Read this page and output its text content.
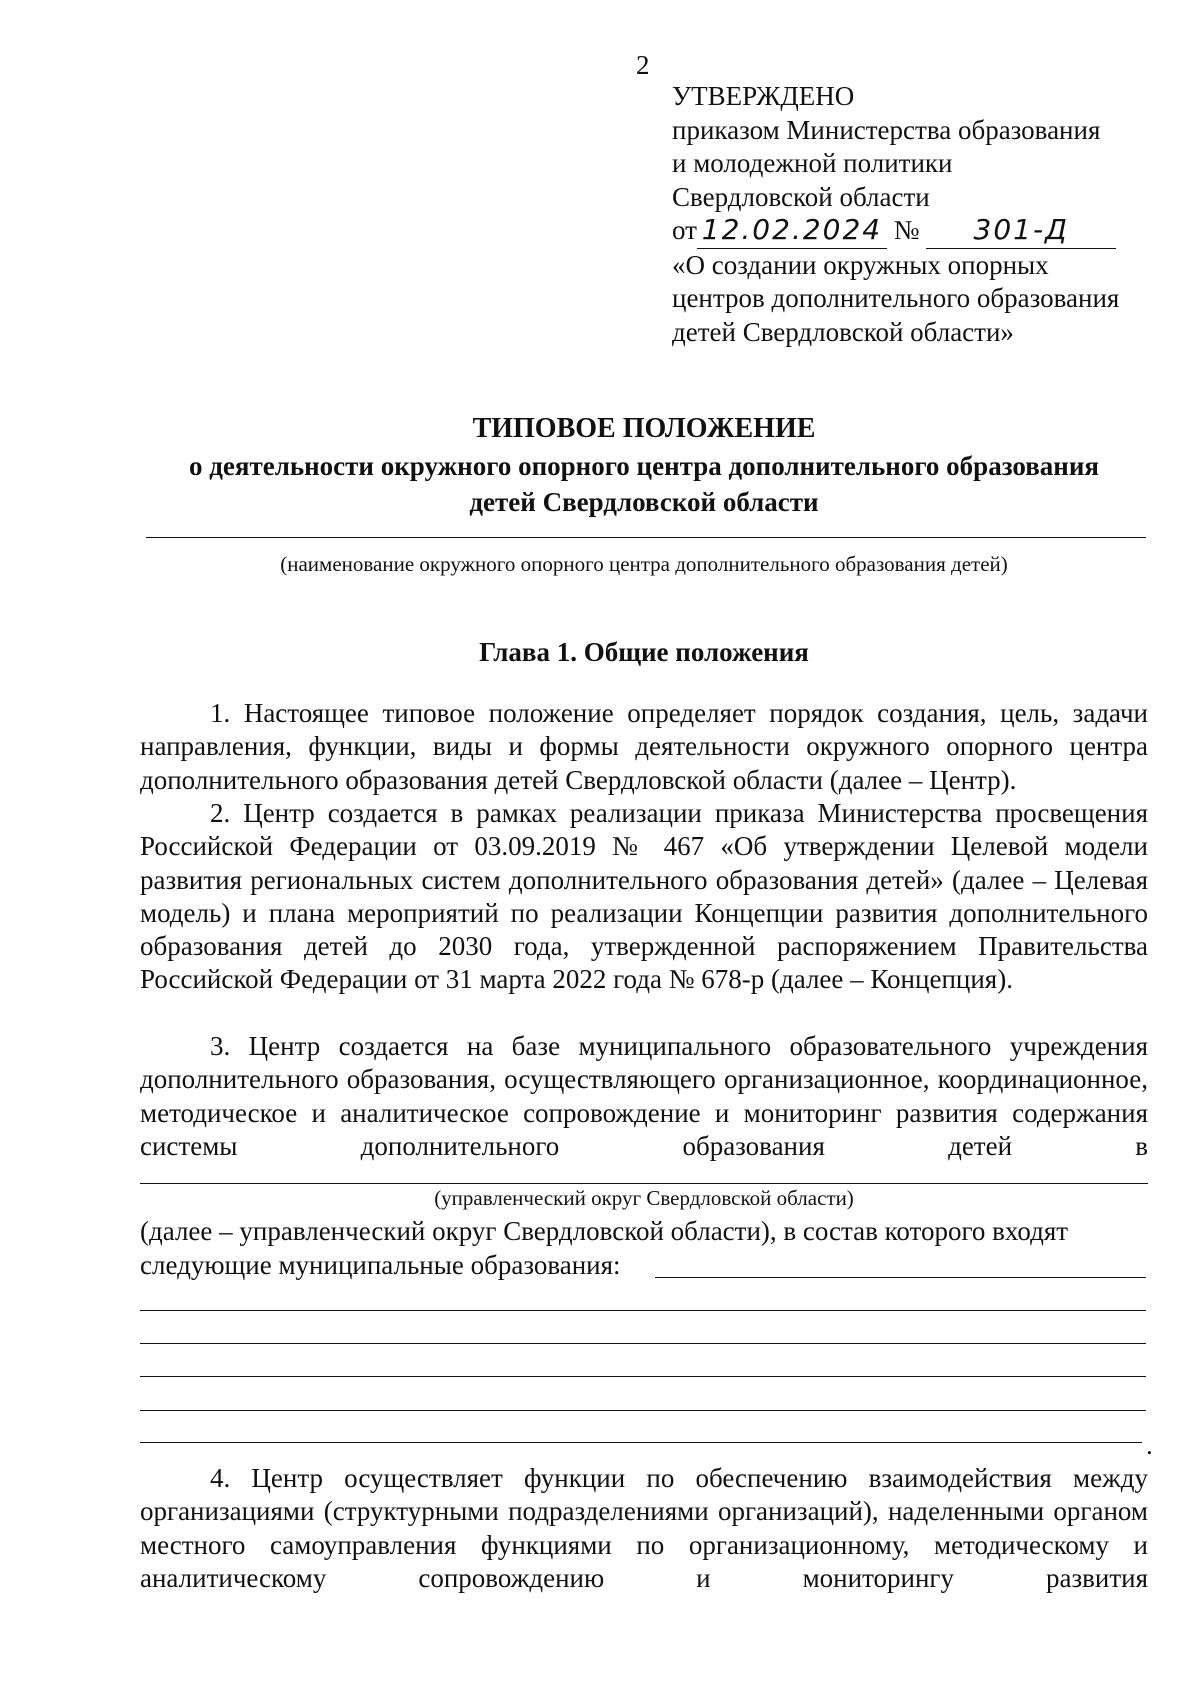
2
УТВЕРЖДЕНО
приказом Министерства образования
и молодежной политики
Свердловской области
от 12.02.2024 № 301-Д
«О создании окружных опорных
центров дополнительного образования
детей Свердловской области»
ТИПОВОЕ ПОЛОЖЕНИЕ
о деятельности окружного опорного центра дополнительного образования
детей Свердловской области
(наименование окружного опорного центра дополнительного образования детей)
Глава 1. Общие положения
1. Настоящее типовое положение определяет порядок создания, цель, задачи направления, функции, виды и формы деятельности окружного опорного центра дополнительного образования детей Свердловской области (далее – Центр).
2. Центр создается в рамках реализации приказа Министерства просвещения Российской Федерации от 03.09.2019 № 467 «Об утверждении Целевой модели развития региональных систем дополнительного образования детей» (далее – Целевая модель) и плана мероприятий по реализации Концепции развития дополнительного образования детей до 2030 года, утвержденной распоряжением Правительства Российской Федерации от 31 марта 2022 года № 678-р (далее – Концепция).
3. Центр создается на базе муниципального образовательного учреждения дополнительного образования, осуществляющего организационное, координационное, методическое и аналитическое сопровождение и мониторинг развития содержания системы дополнительного образования детей в
(управленческий округ Свердловской области)
(далее – управленческий округ Свердловской области), в состав которого входят
следующие муниципальные образования:
.
4. Центр осуществляет функции по обеспечению взаимодействия между организациями (структурными подразделениями организаций), наделенными органом местного самоуправления функциями по организационному, методическому и аналитическому сопровождению и мониторингу развития
